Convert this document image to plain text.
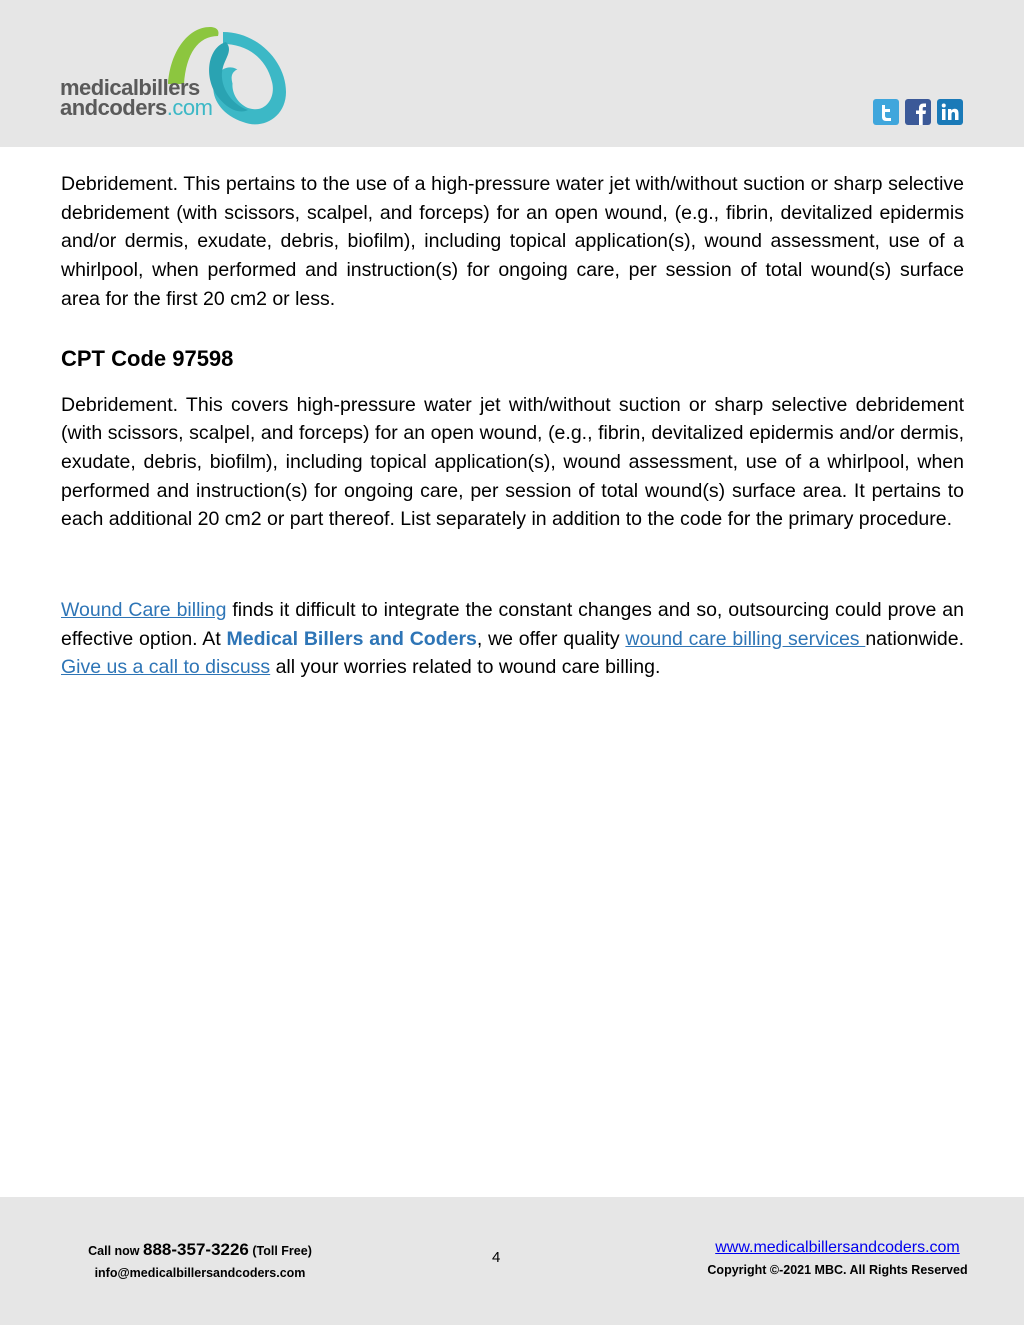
medicalbillers
andcoders.com

Debridement. This pertains to the use of a high-pressure water jet with/without suction or sharp selective debridement (with scissors, scalpel, and forceps) for an open wound, (e.g., fibrin, devitalized epidermis and/or dermis, exudate, debris, biofilm), including topical application(s), wound assessment, use of a whirlpool, when performed and instruction(s) for ongoing care, per session of total wound(s) surface area for the first 20 cm2 or less.

CPT Code 97598

Debridement. This covers high-pressure water jet with/without suction or sharp selective debridement (with scissors, scalpel, and forceps) for an open wound, (e.g., fibrin, devitalized epidermis and/or dermis, exudate, debris, biofilm), including topical application(s), wound assessment, use of a whirlpool, when performed and instruction(s) for ongoing care, per session of total wound(s) surface area. It pertains to each additional 20 cm2 or part thereof. List separately in addition to the code for the primary procedure.

Wound Care billing finds it difficult to integrate the constant changes and so, outsourcing could prove an effective option. At Medical Billers and Coders, we offer quality wound care billing services nationwide. Give us a call to discuss all your worries related to wound care billing.

Call now 888-357-3226 (Toll Free)
info@medicalbillersandcoders.com
4
www.medicalbillersandcoders.com
Copyright ©-2021 MBC. All Rights Reserved
